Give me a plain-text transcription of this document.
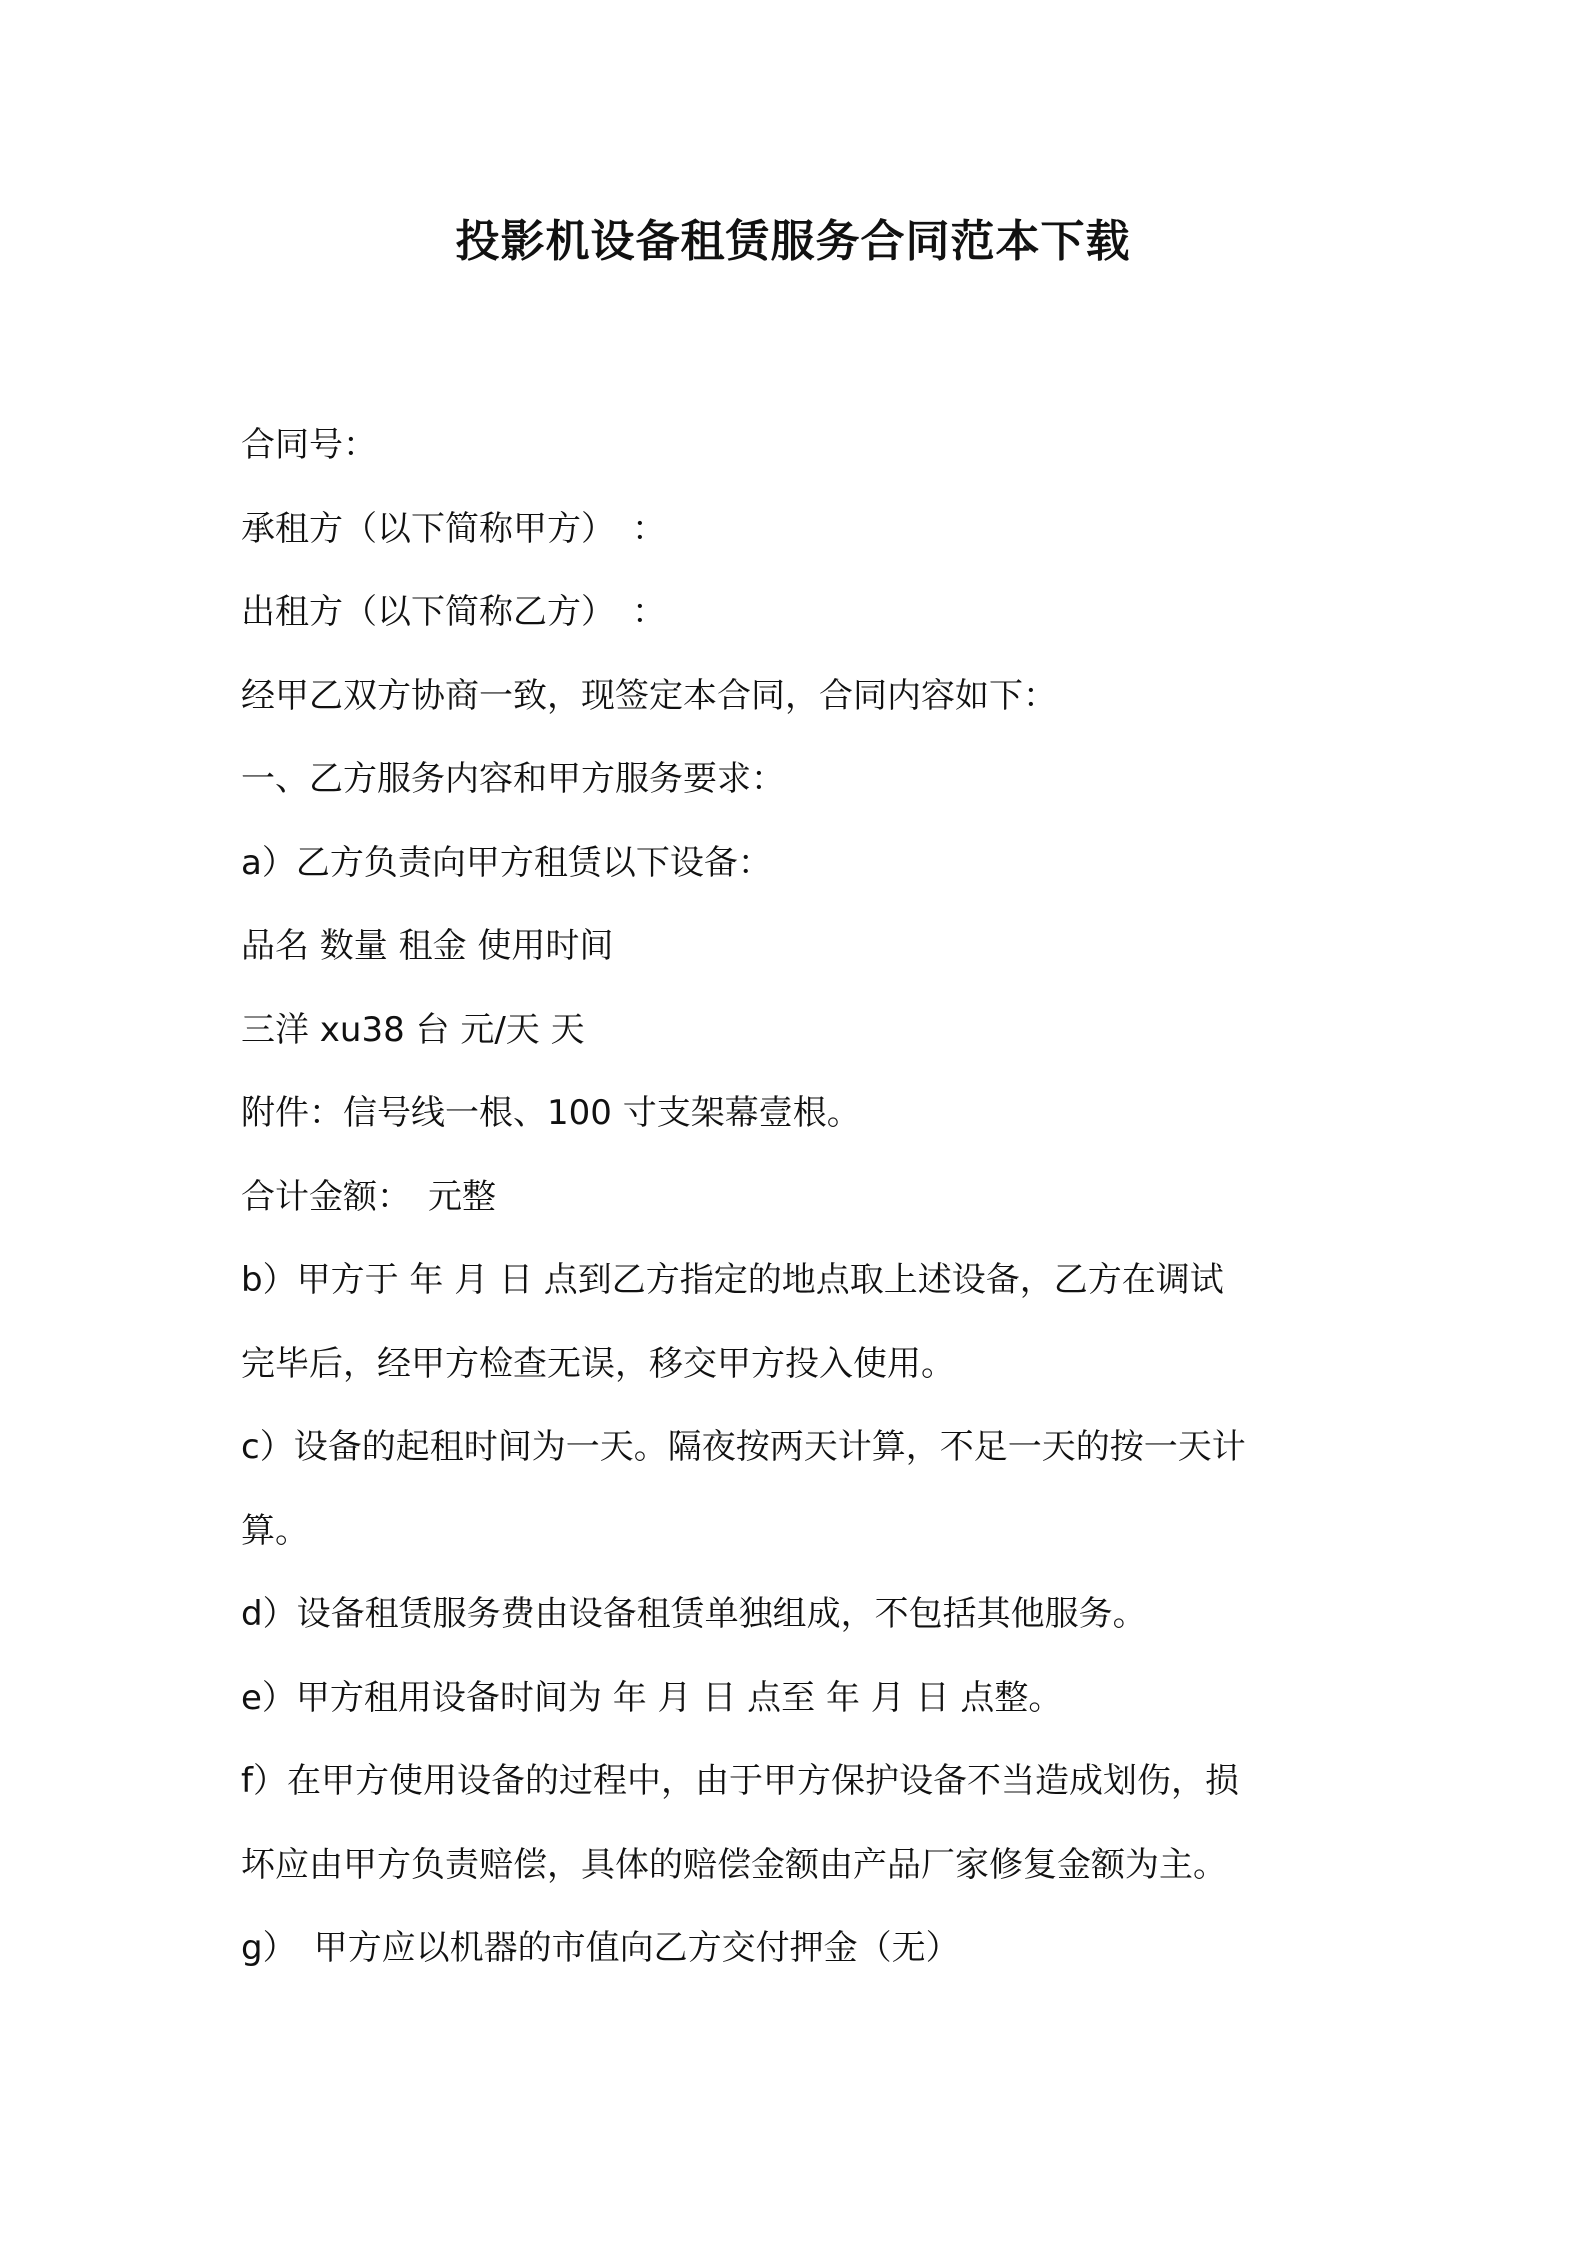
投影机设备租赁服务合同范本下载
合同号：
承租方（以下简称甲方）　：
出租方（以下简称乙方）　：
经甲乙双方协商一致，现签定本合同，合同内容如下：
一、乙方服务内容和甲方服务要求：
a）乙方负责向甲方租赁以下设备：
品名 数量 租金 使用时间
三洋 xu38 台 元/天 天
附件：信号线一根、100 寸支架幕壹根。
合计金额：　元整
b）甲方于 年 月 日 点到乙方指定的地点取上述设备，乙方在调试
完毕后，经甲方检查无误，移交甲方投入使用。
c）设备的起租时间为一天。隔夜按两天计算，不足一天的按一天计
算。
d）设备租赁服务费由设备租赁单独组成，不包括其他服务。
e）甲方租用设备时间为 年 月 日 点至 年 月 日 点整。
f）在甲方使用设备的过程中，由于甲方保护设备不当造成划伤，损
坏应由甲方负责赔偿，具体的赔偿金额由产品厂家修复金额为主。
g）　甲方应以机器的市值向乙方交付押金（无）
